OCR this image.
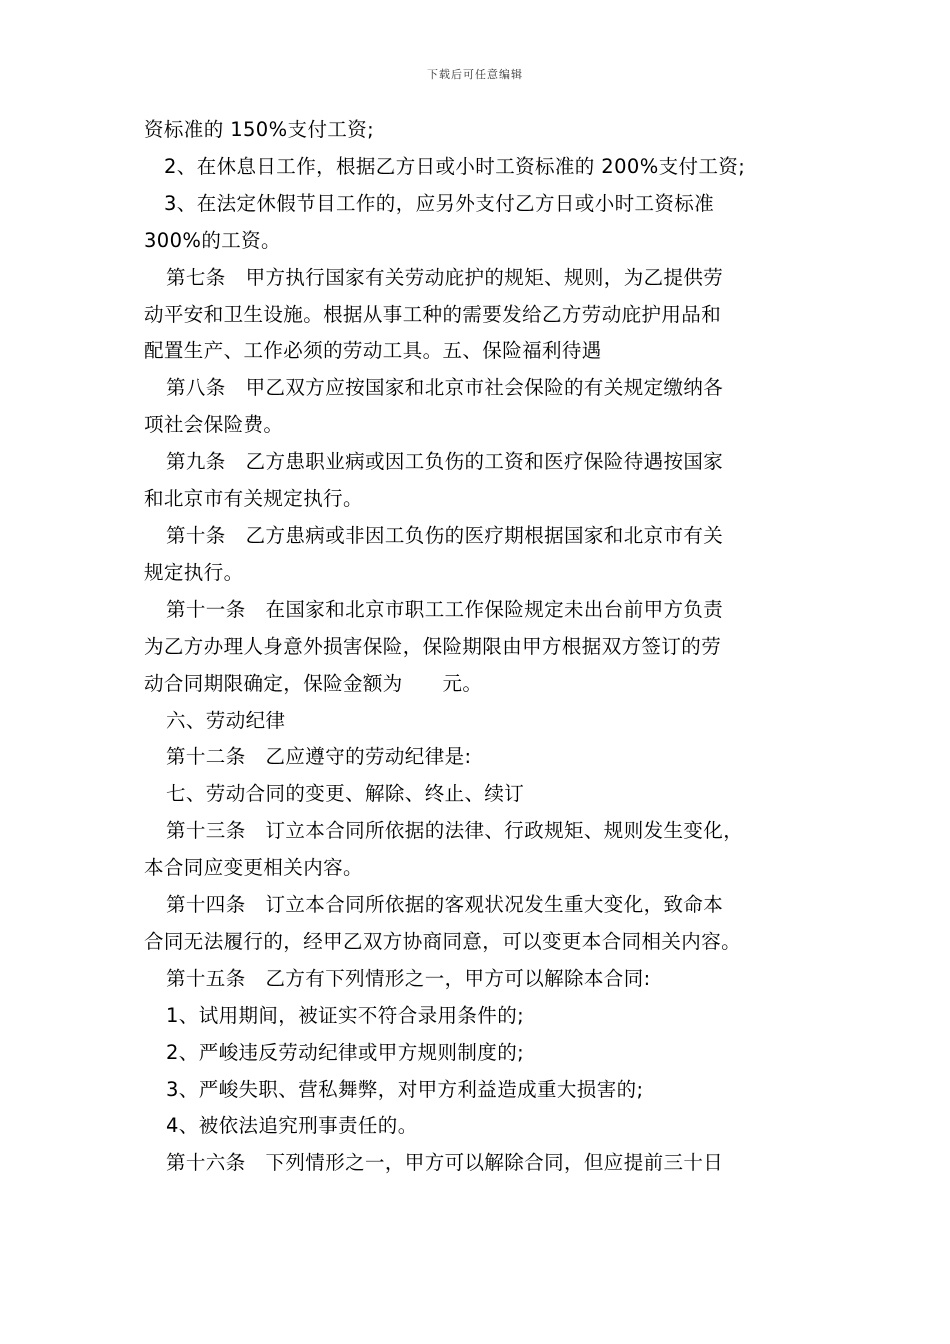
下载后可任意编辑
资标准的 150%支付工资;
2、在休息日工作，根据乙方日或小时工资标准的 200%支付工资;
3、在法定休假节目工作的，应另外支付乙方日或小时工资标准
300%的工资。
第七条　甲方执行国家有关劳动庇护的规矩、规则，为乙提供劳
动平安和卫生设施。根据从事工种的需要发给乙方劳动庇护用品和
配置生产、工作必须的劳动工具。五、保险福利待遇
第八条　甲乙双方应按国家和北京市社会保险的有关规定缴纳各
项社会保险费。
第九条　乙方患职业病或因工负伤的工资和医疗保险待遇按国家
和北京市有关规定执行。
第十条　乙方患病或非因工负伤的医疗期根据国家和北京市有关
规定执行。
第十一条　在国家和北京市职工工作保险规定未出台前甲方负责
为乙方办理人身意外损害保险，保险期限由甲方根据双方签订的劳
动合同期限确定，保险金额为　　元。
六、劳动纪律
第十二条　乙应遵守的劳动纪律是:
七、劳动合同的变更、解除、终止、续订
第十三条　订立本合同所依据的法律、行政规矩、规则发生变化，
本合同应变更相关内容。
第十四条　订立本合同所依据的客观状况发生重大变化，致命本
合同无法履行的，经甲乙双方协商同意，可以变更本合同相关内容。
第十五条　乙方有下列情形之一，甲方可以解除本合同:
1、试用期间，被证实不符合录用条件的;
2、严峻违反劳动纪律或甲方规则制度的;
3、严峻失职、营私舞弊，对甲方利益造成重大损害的;
4、被依法追究刑事责任的。
第十六条　下列情形之一，甲方可以解除合同，但应提前三十日
